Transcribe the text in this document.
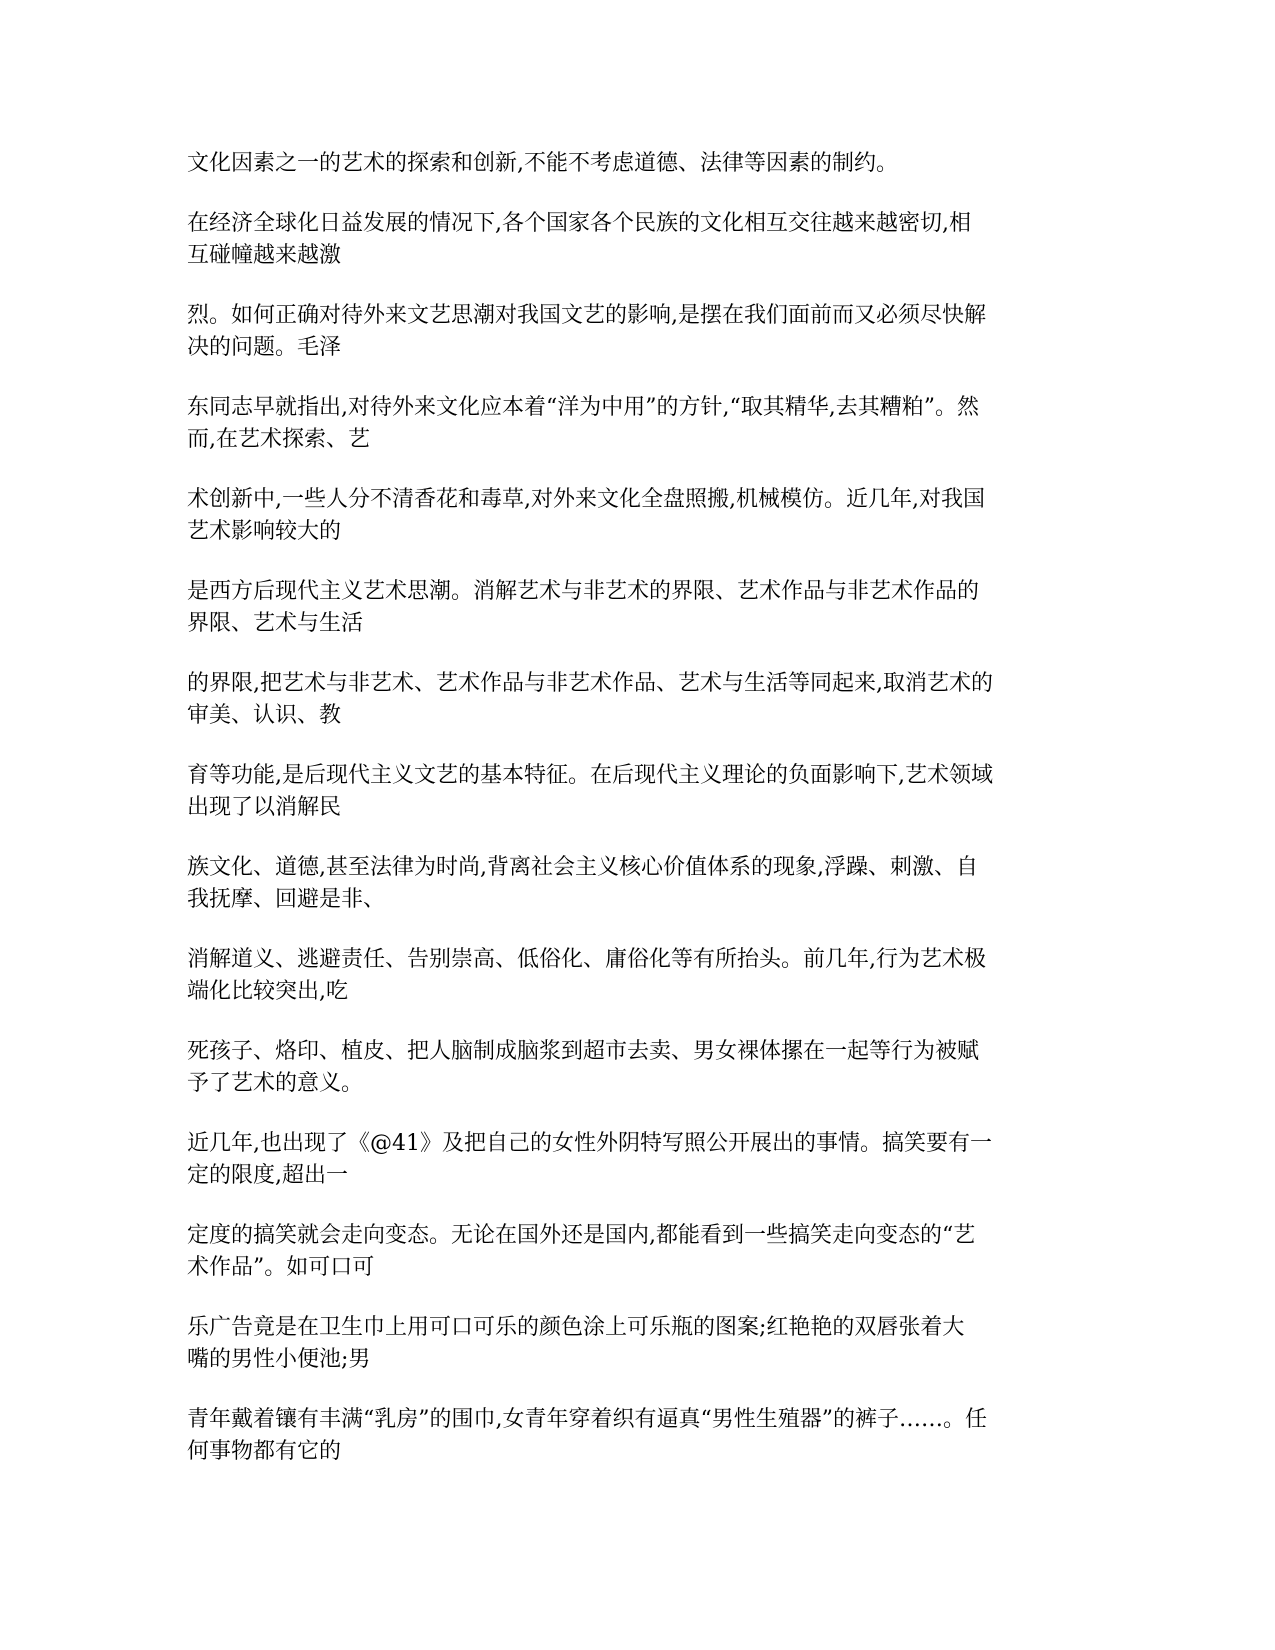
文化因素之一的艺术的探索和创新,不能不考虑道德、法律等因素的制约。

在经济全球化日益发展的情况下,各个国家各个民族的文化相互交往越来越密切,相
互碰幢越来越激

烈。如何正确对待外来文艺思潮对我国文艺的影响,是摆在我们面前而又必须尽快解
决的问题。毛泽

东同志早就指出,对待外来文化应本着“洋为中用”的方针,“取其精华,去其糟粕”。然
而,在艺术探索、艺

术创新中,一些人分不清香花和毒草,对外来文化全盘照搬,机械模仿。近几年,对我国
艺术影响较大的

是西方后现代主义艺术思潮。消解艺术与非艺术的界限、艺术作品与非艺术作品的
界限、艺术与生活

的界限,把艺术与非艺术、艺术作品与非艺术作品、艺术与生活等同起来,取消艺术的
审美、认识、教

育等功能,是后现代主义文艺的基本特征。在后现代主义理论的负面影响下,艺术领域
出现了以消解民

族文化、道德,甚至法律为时尚,背离社会主义核心价值体系的现象,浮躁、刺激、自
我抚摩、回避是非、

消解道义、逃避责任、告别崇高、低俗化、庸俗化等有所抬头。前几年,行为艺术极
端化比较突出,吃

死孩子、烙印、植皮、把人脑制成脑浆到超市去卖、男女裸体摞在一起等行为被赋
予了艺术的意义。

近几年,也出现了《@41》及把自己的女性外阴特写照公开展出的事情。搞笑要有一
定的限度,超出一

定度的搞笑就会走向变态。无论在国外还是国内,都能看到一些搞笑走向变态的“艺
术作品”。如可口可

乐广告竟是在卫生巾上用可口可乐的颜色涂上可乐瓶的图案;红艳艳的双唇张着大
嘴的男性小便池;男

青年戴着镶有丰满“乳房”的围巾,女青年穿着织有逼真“男性生殖器”的裤子……。任
何事物都有它的
